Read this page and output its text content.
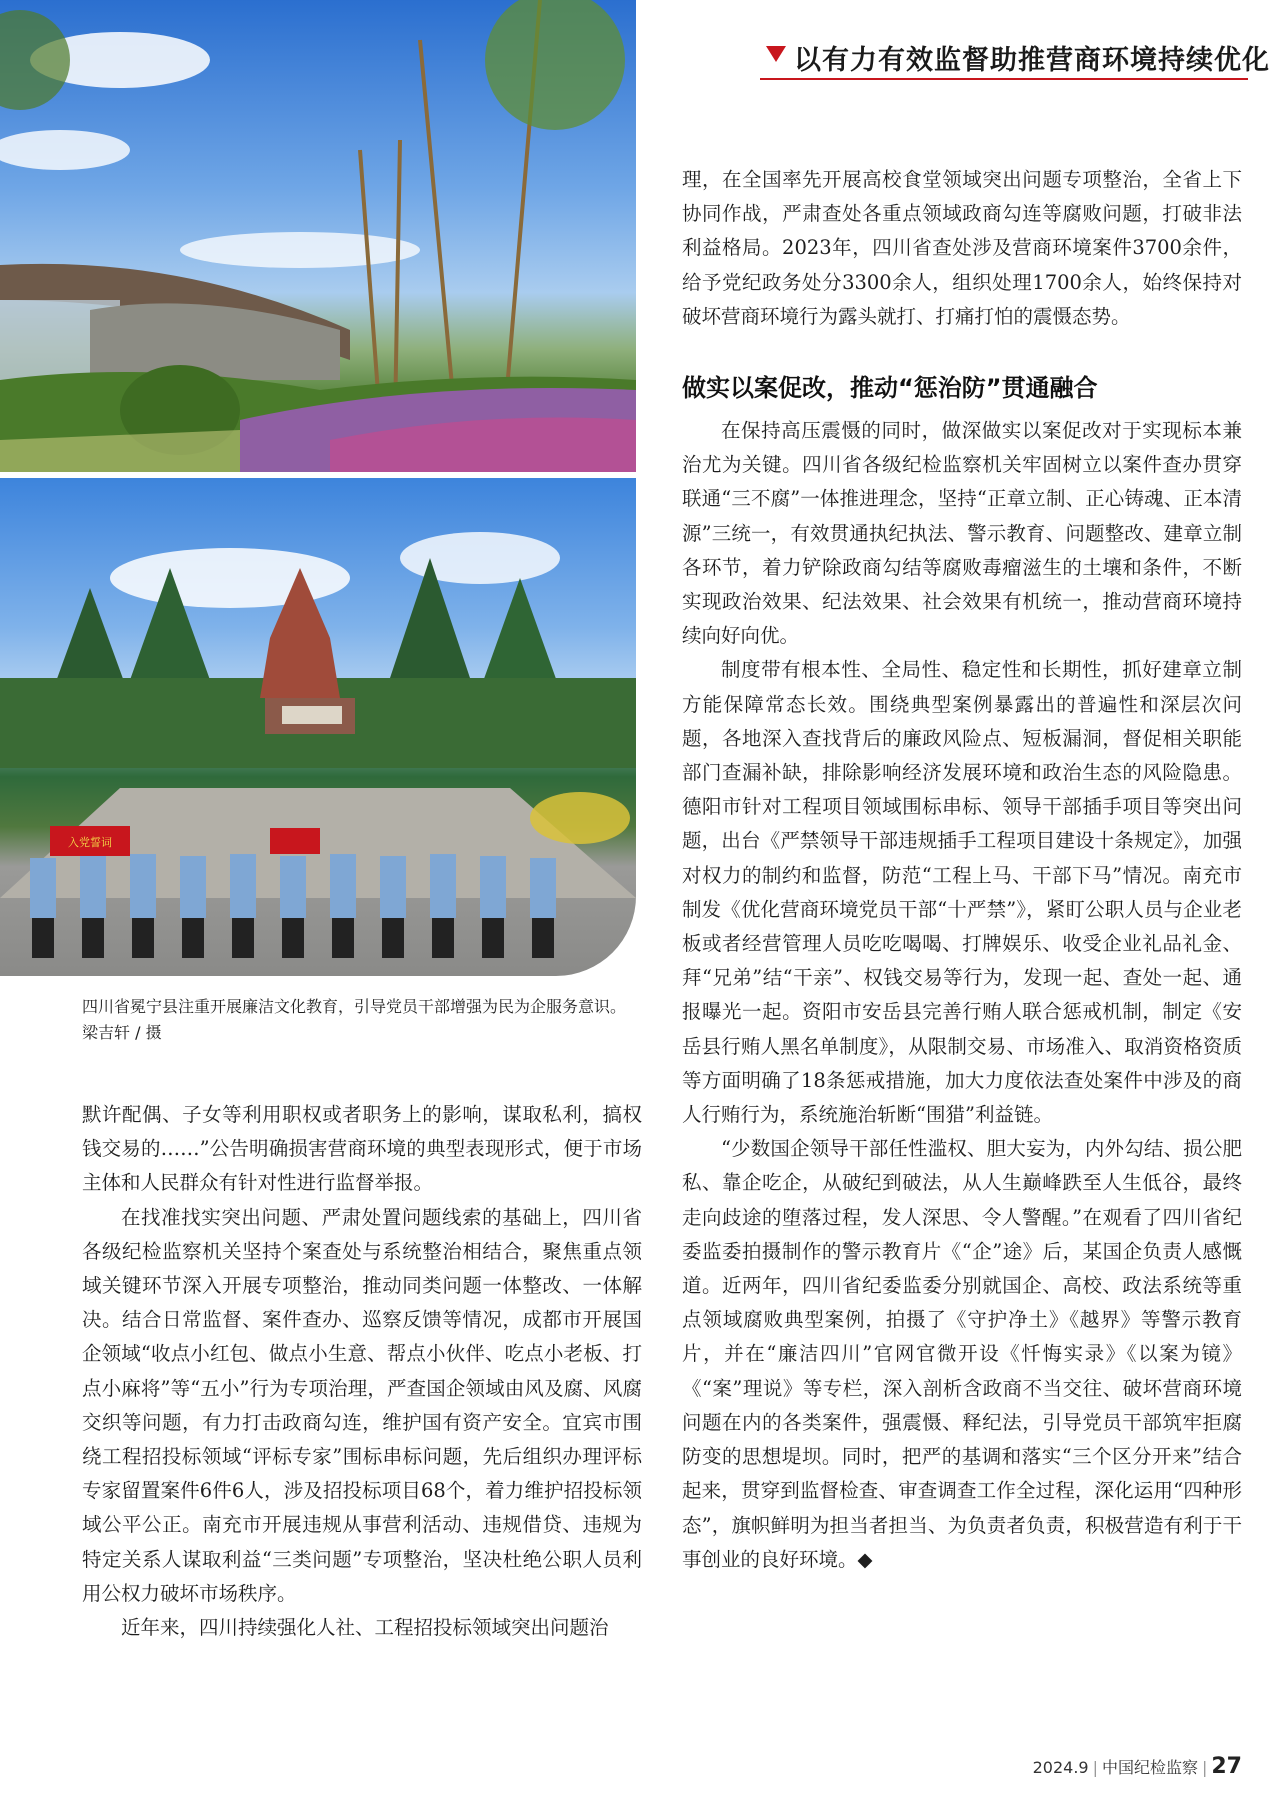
以有力有效监督助推营商环境持续优化
入党誓词
四川省冕宁县注重开展廉洁文化教育，引导党员干部增强为民为企服务意识。 梁吉轩 / 摄

默许配偶、子女等利用职权或者职务上的影响，谋取私利，搞权钱交易的……”公告明确损害营商环境的典型表现形式，便于市场主体和人民群众有针对性进行监督举报。

在找准找实突出问题、严肃处置问题线索的基础上，四川省各级纪检监察机关坚持个案查处与系统整治相结合，聚焦重点领域关键环节深入开展专项整治，推动同类问题一体整改、一体解决。结合日常监督、案件查办、巡察反馈等情况，成都市开展国企领域“收点小红包、做点小生意、帮点小伙伴、吃点小老板、打点小麻将”等“五小”行为专项治理，严查国企领域由风及腐、风腐交织等问题，有力打击政商勾连，维护国有资产安全。宜宾市围绕工程招投标领域“评标专家”围标串标问题，先后组织办理评标专家留置案件6件6人，涉及招投标项目68个，着力维护招投标领域公平公正。南充市开展违规从事营利活动、违规借贷、违规为特定关系人谋取利益“三类问题”专项整治，坚决杜绝公职人员利用公权力破坏市场秩序。

近年来，四川持续强化人社、工程招投标领域突出问题治

理，在全国率先开展高校食堂领域突出问题专项整治，全省上下协同作战，严肃查处各重点领域政商勾连等腐败问题，打破非法利益格局。2023年，四川省查处涉及营商环境案件3700余件，给予党纪政务处分3300余人，组织处理1700余人，始终保持对破坏营商环境行为露头就打、打痛打怕的震慑态势。

做实以案促改，推动“惩治防”贯通融合

在保持高压震慑的同时，做深做实以案促改对于实现标本兼治尤为关键。四川省各级纪检监察机关牢固树立以案件查办贯穿联通“三不腐”一体推进理念，坚持“正章立制、正心铸魂、正本清源”三统一，有效贯通执纪执法、警示教育、问题整改、建章立制各环节，着力铲除政商勾结等腐败毒瘤滋生的土壤和条件，不断实现政治效果、纪法效果、社会效果有机统一，推动营商环境持续向好向优。

制度带有根本性、全局性、稳定性和长期性，抓好建章立制方能保障常态长效。围绕典型案例暴露出的普遍性和深层次问题，各地深入查找背后的廉政风险点、短板漏洞，督促相关职能部门查漏补缺，排除影响经济发展环境和政治生态的风险隐患。德阳市针对工程项目领域围标串标、领导干部插手项目等突出问题，出台《严禁领导干部违规插手工程项目建设十条规定》，加强对权力的制约和监督，防范“工程上马、干部下马”情况。南充市制发《优化营商环境党员干部“十严禁”》，紧盯公职人员与企业老板或者经营管理人员吃吃喝喝、打牌娱乐、收受企业礼品礼金、拜“兄弟”结“干亲”、权钱交易等行为，发现一起、查处一起、通报曝光一起。资阳市安岳县完善行贿人联合惩戒机制，制定《安岳县行贿人黑名单制度》，从限制交易、市场准入、取消资格资质等方面明确了18条惩戒措施，加大力度依法查处案件中涉及的商人行贿行为，系统施治斩断“围猎”利益链。

“少数国企领导干部任性滥权、胆大妄为，内外勾结、损公肥私、靠企吃企，从破纪到破法，从人生巅峰跌至人生低谷，最终走向歧途的堕落过程，发人深思、令人警醒。”在观看了四川省纪委监委拍摄制作的警示教育片《“企”途》后，某国企负责人感慨道。近两年，四川省纪委监委分别就国企、高校、政法系统等重点领域腐败典型案例，拍摄了《守护净土》《越界》等警示教育片，并在“廉洁四川”官网官微开设《忏悔实录》《以案为镜》《“案”理说》等专栏，深入剖析含政商不当交往、破坏营商环境问题在内的各类案件，强震慑、释纪法，引导党员干部筑牢拒腐防变的思想堤坝。同时，把严的基调和落实“三个区分开来”结合起来，贯穿到监督检查、审查调查工作全过程，深化运用“四种形态”，旗帜鲜明为担当者担当、为负责者负责，积极营造有利于干事创业的良好环境。◆

2024.9 | 中国纪检监察 | 27
